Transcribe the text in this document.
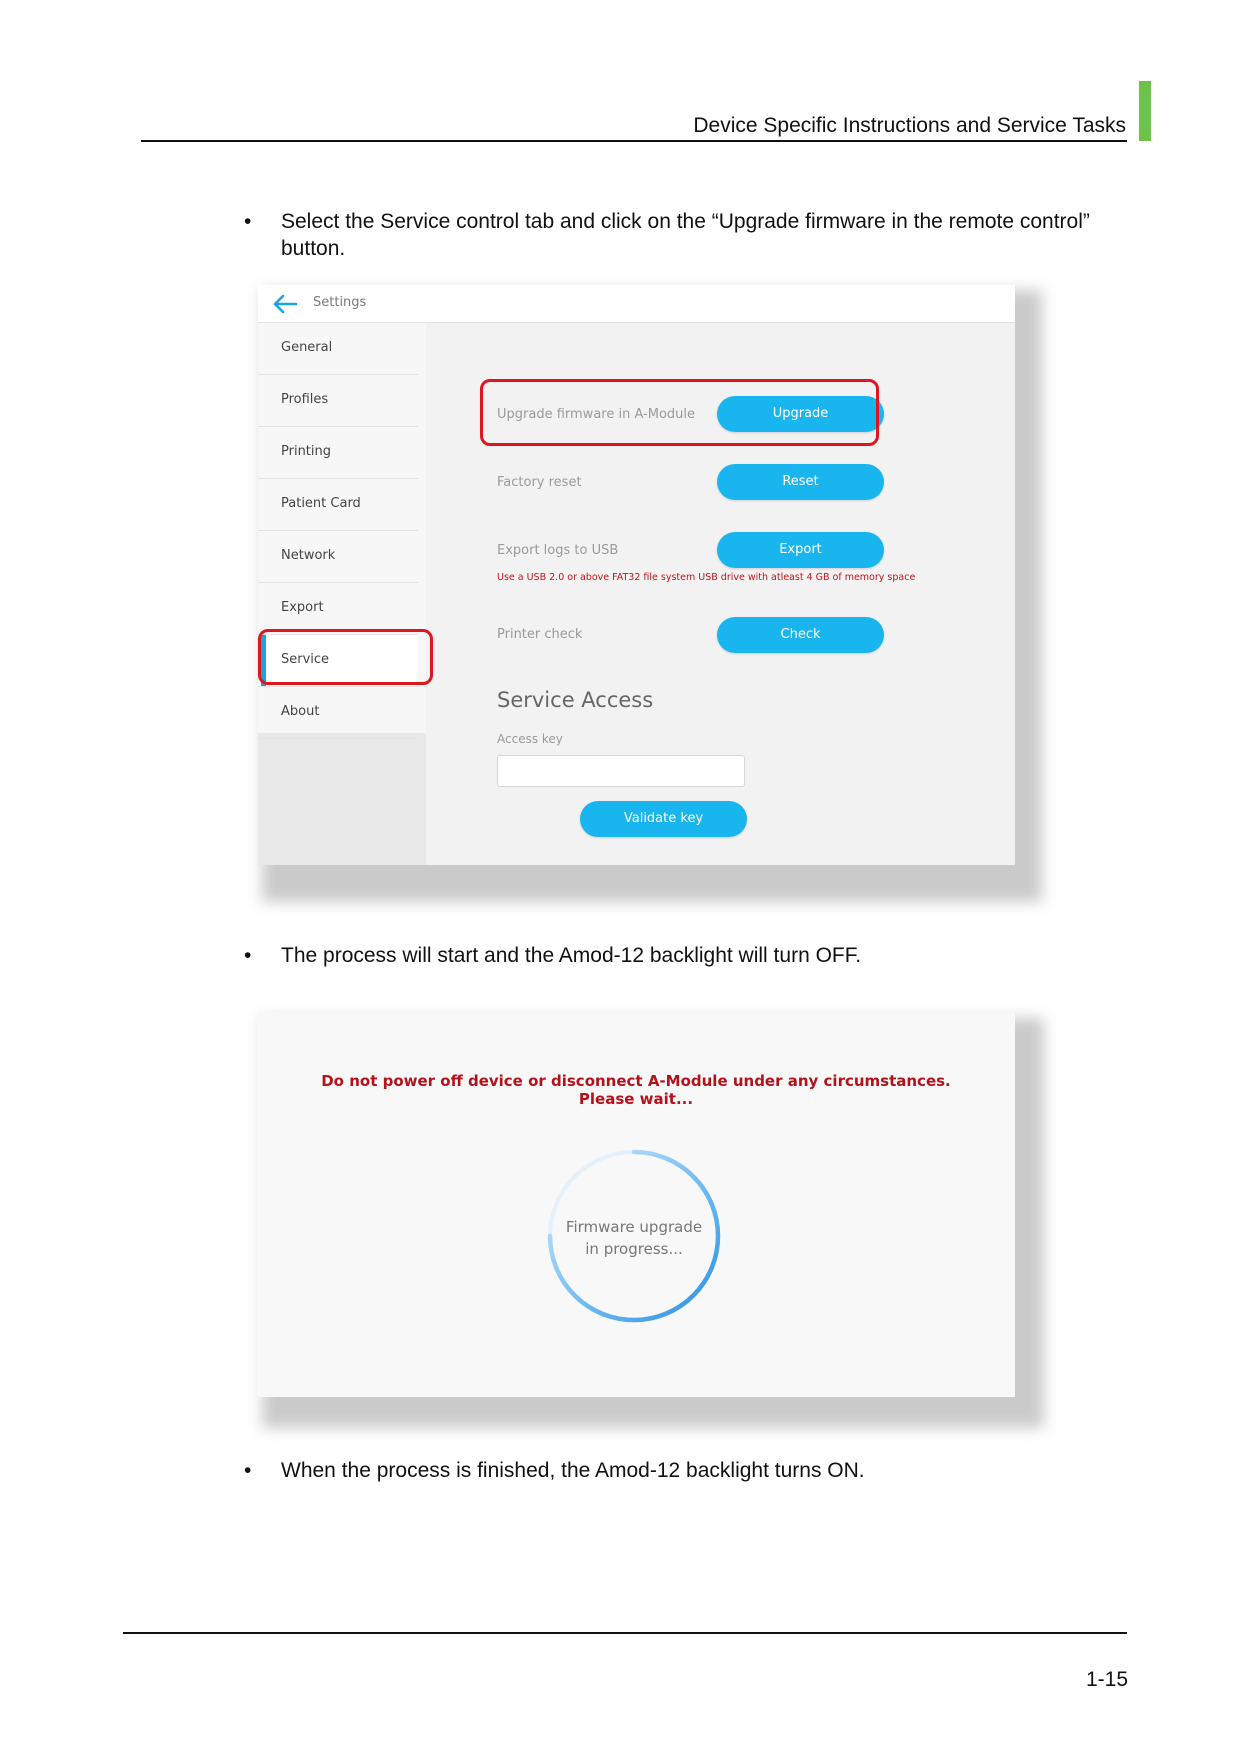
Device Specific Instructions and Service Tasks
• Select the Service control tab and click on the “Upgrade firmware in the remote control” button.
Settings
General
Profiles
Printing
Patient Card
Network
Export
Service
About
Upgrade firmware in A-Module	Upgrade
Factory reset	Reset
Export logs to USB	Export
Use a USB 2.0 or above FAT32 file system USB drive with atleast 4 GB of memory space
Printer check	Check
Service Access
Access key
Validate key
• The process will start and the Amod-12 backlight will turn OFF.
Do not power off device or disconnect A-Module under any circumstances.
Please wait...
Firmware upgrade
in progress...
• When the process is finished, the Amod-12 backlight turns ON.
1-15
